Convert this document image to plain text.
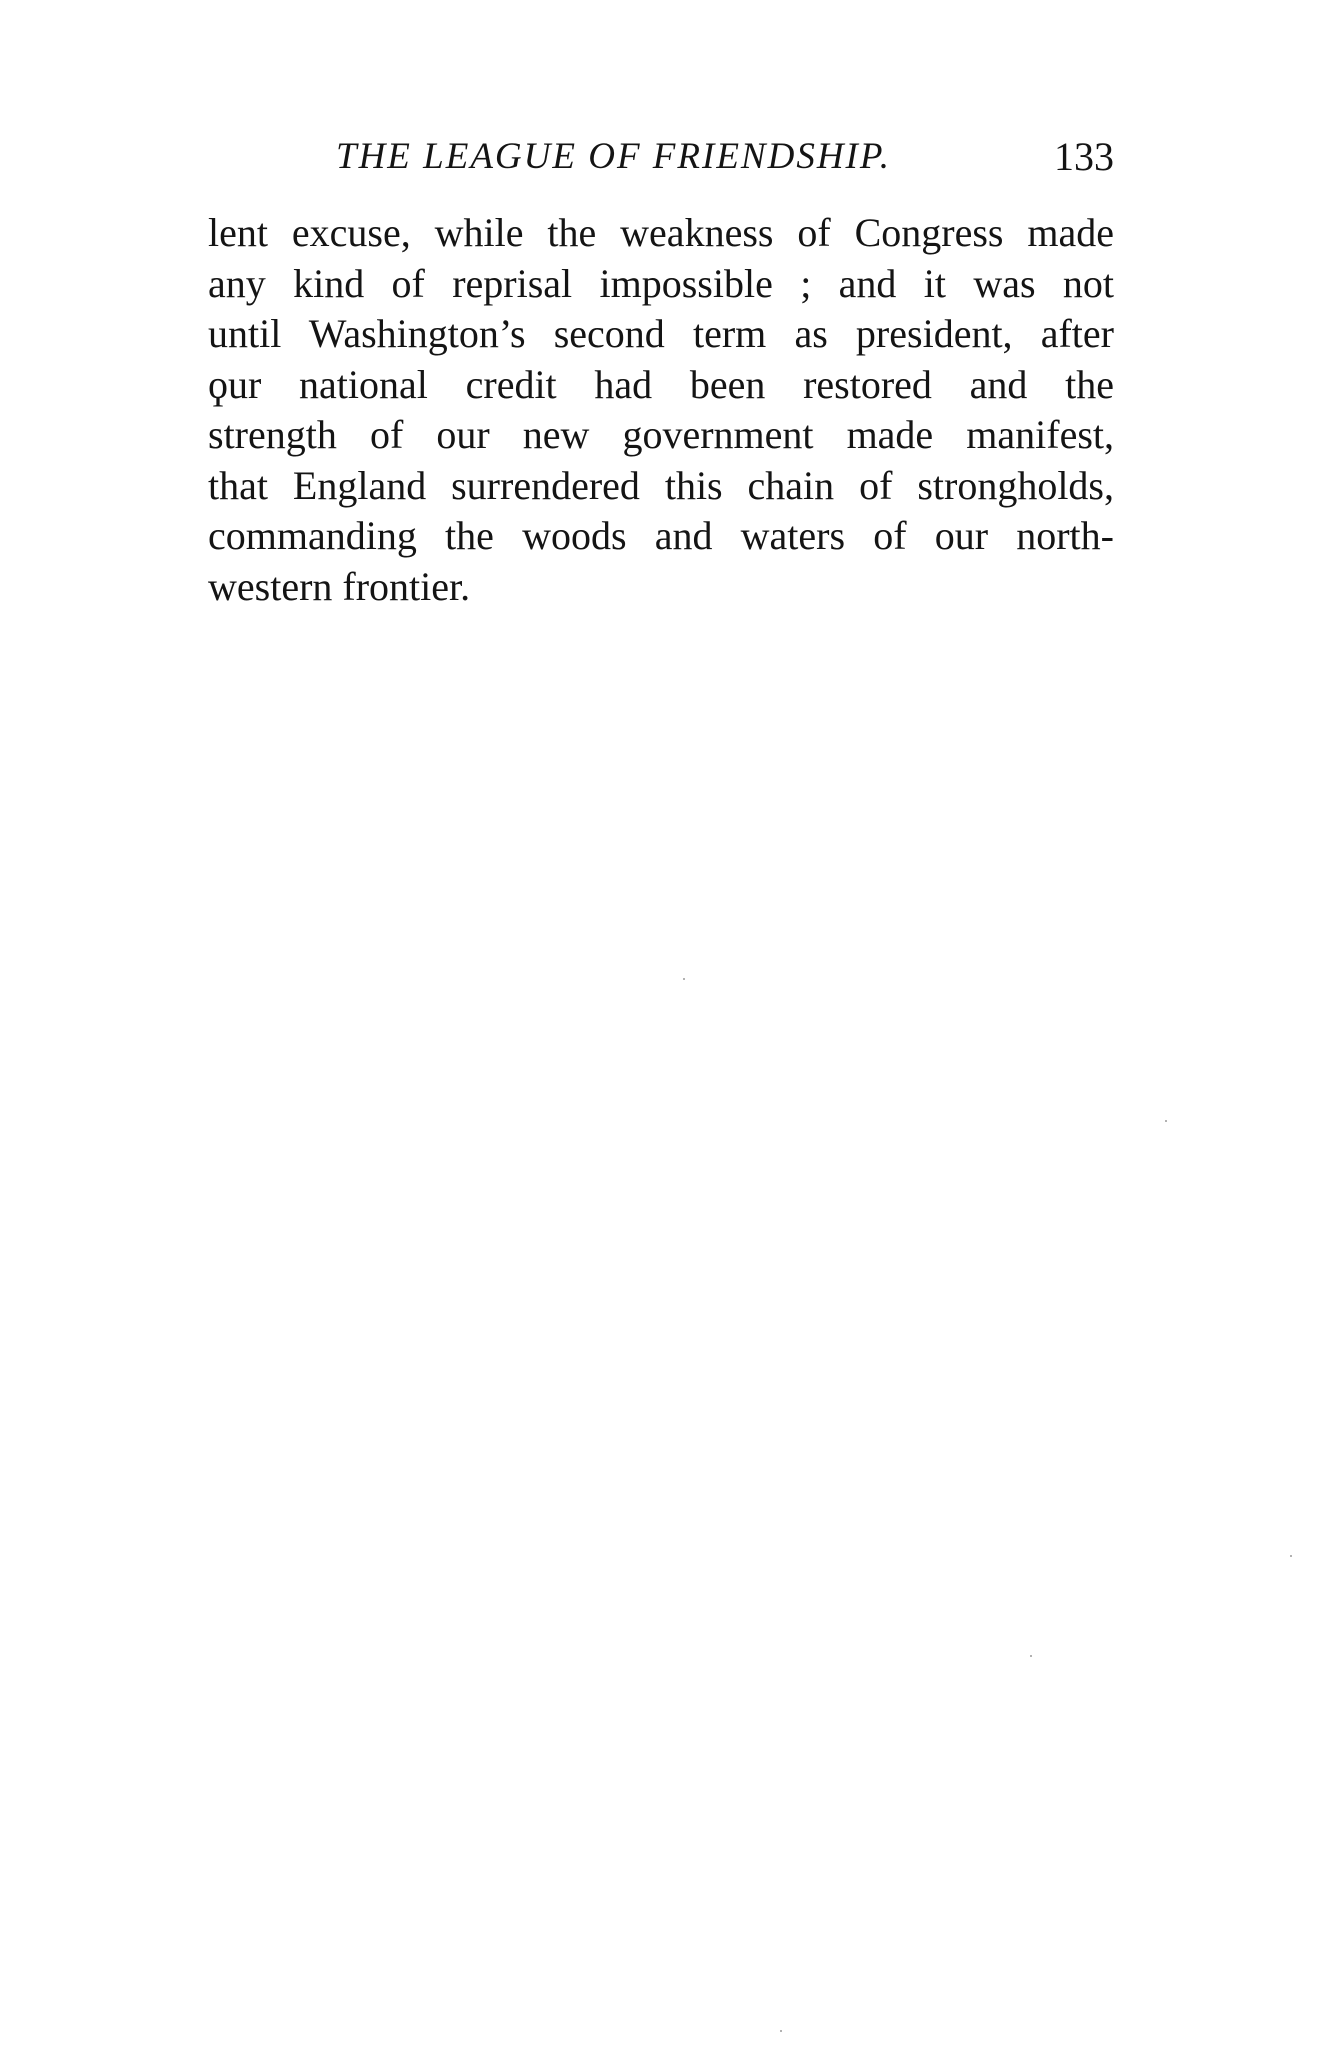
THE LEAGUE OF FRIENDSHIP.	133
lent excuse, while the weakness of Congress made
any kind of reprisal impossible ; and it was not
until Washington’s second term as president, after
ϙur national credit had been restored and the
strength of our new government made manifest,
that England surrendered this chain of strongholds,
commanding the woods and waters of our north-
western frontier.
